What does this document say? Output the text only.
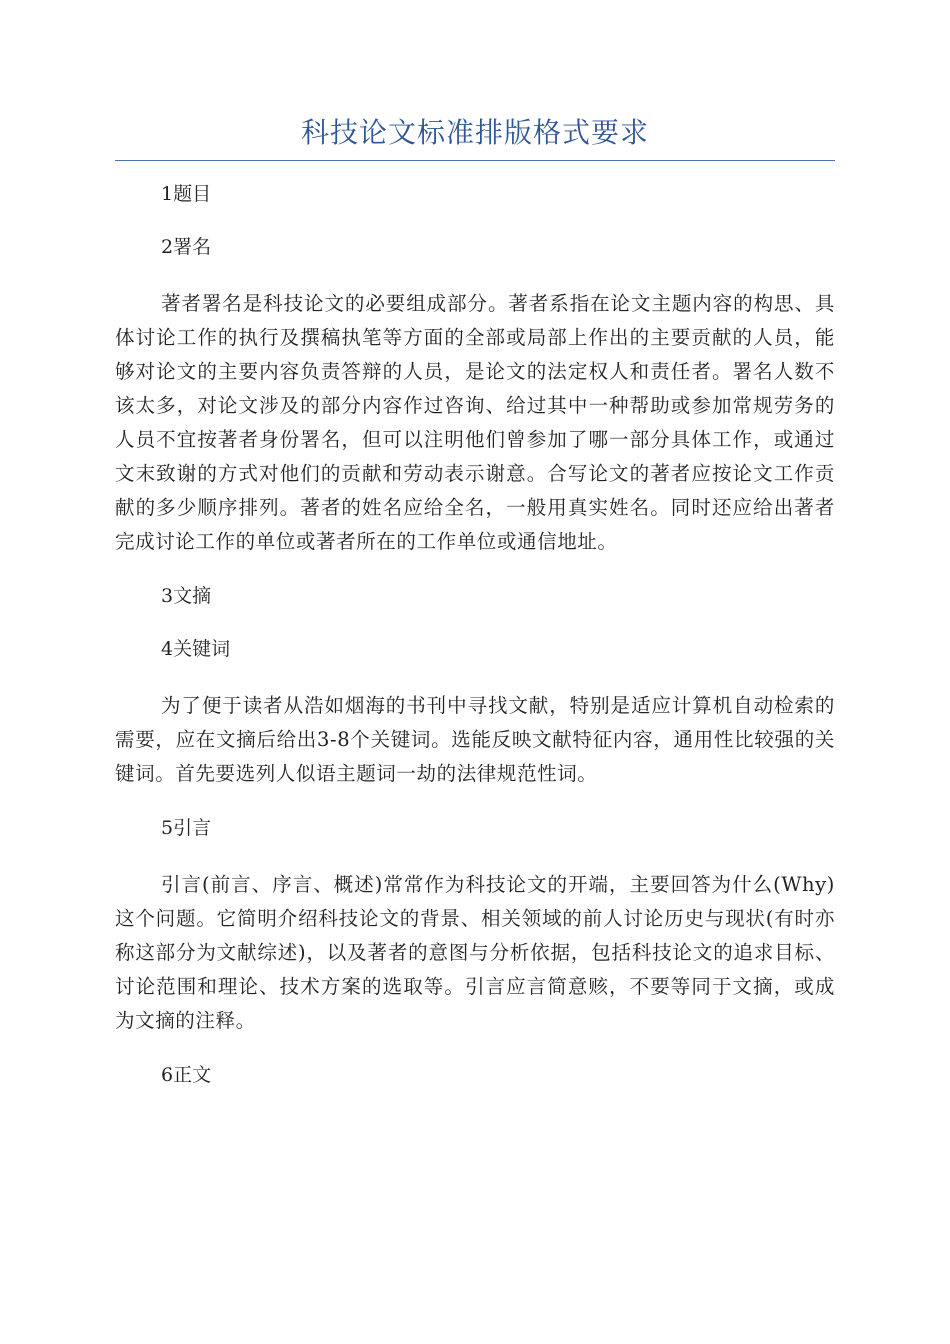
科技论文标准排版格式要求

1题目

2署名

著者署名是科技论文的必要组成部分。著者系指在论文主题内容的构思、具体讨论工作的执行及撰稿执笔等方面的全部或局部上作出的主要贡献的人员，能够对论文的主要内容负责答辩的人员，是论文的法定权人和责任者。署名人数不该太多，对论文涉及的部分内容作过咨询、给过其中一种帮助或参加常规劳务的人员不宜按著者身份署名，但可以注明他们曾参加了哪一部分具体工作，或通过文末致谢的方式对他们的贡献和劳动表示谢意。合写论文的著者应按论文工作贡献的多少顺序排列。著者的姓名应给全名，一般用真实姓名。同时还应给出著者完成讨论工作的单位或著者所在的工作单位或通信地址。

3文摘

4关键词

为了便于读者从浩如烟海的书刊中寻找文献，特别是适应计算机自动检索的需要，应在文摘后给出3-8个关键词。选能反映文献特征内容，通用性比较强的关键词。首先要选列人似语主题词一劫的法律规范性词。

5引言

引言(前言、序言、概述)常常作为科技论文的开端，主要回答为什么(Why)这个问题。它简明介绍科技论文的背景、相关领域的前人讨论历史与现状(有时亦称这部分为文献综述)，以及著者的意图与分析依据，包括科技论文的追求目标、讨论范围和理论、技术方案的选取等。引言应言简意赅，不要等同于文摘，或成为文摘的注释。

6正文
